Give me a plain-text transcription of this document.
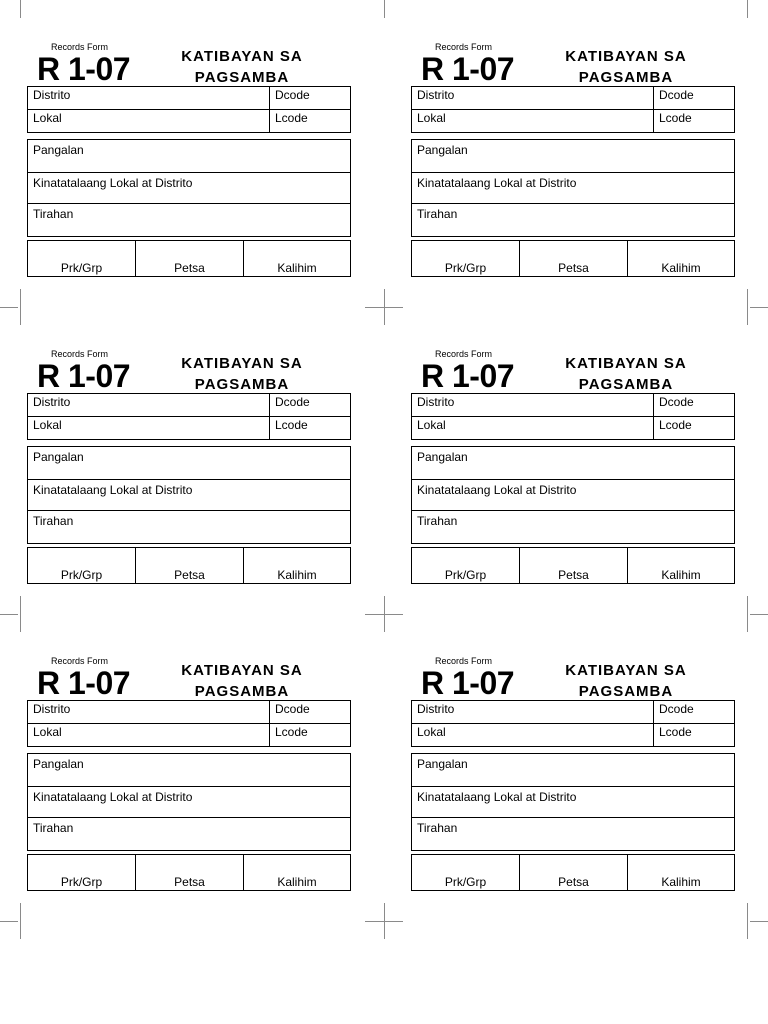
Records Form
R 1-07	KATIBAYAN SA
PAGSAMBA
Distrito	Dcode
Lokal	Lcode
Pangalan
Kinatatalaang Lokal at Distrito
Tirahan
Prk/Grp	Petsa	Kalihim
Records Form
R 1-07	KATIBAYAN SA
PAGSAMBA
Distrito	Dcode
Lokal	Lcode
Pangalan
Kinatatalaang Lokal at Distrito
Tirahan
Prk/Grp	Petsa	Kalihim
Records Form
R 1-07	KATIBAYAN SA
PAGSAMBA
Distrito	Dcode
Lokal	Lcode
Pangalan
Kinatatalaang Lokal at Distrito
Tirahan
Prk/Grp	Petsa	Kalihim
Records Form
R 1-07	KATIBAYAN SA
PAGSAMBA
Distrito	Dcode
Lokal	Lcode
Pangalan
Kinatatalaang Lokal at Distrito
Tirahan
Prk/Grp	Petsa	Kalihim
Records Form
R 1-07	KATIBAYAN SA
PAGSAMBA
Distrito	Dcode
Lokal	Lcode
Pangalan
Kinatatalaang Lokal at Distrito
Tirahan
Prk/Grp	Petsa	Kalihim
Records Form
R 1-07	KATIBAYAN SA
PAGSAMBA
Distrito	Dcode
Lokal	Lcode
Pangalan
Kinatatalaang Lokal at Distrito
Tirahan
Prk/Grp	Petsa	Kalihim
